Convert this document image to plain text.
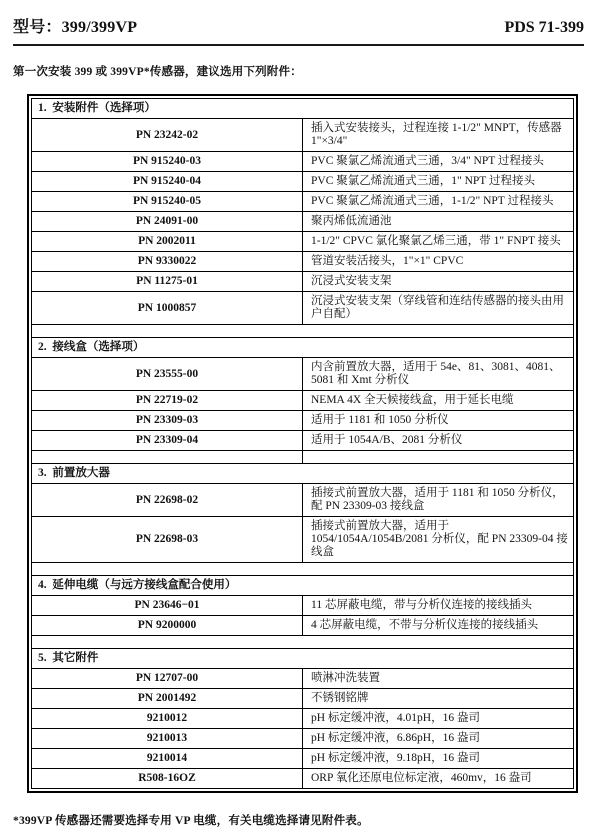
型号：399/399VP	PDS 71-399

第一次安装 399 或 399VP*传感器，建议选用下列附件：

1.  安装附件（选择项）	
PN 23242-02	插入式安装接头，过程连接 1-1/2" MNPT，传感器 1"×3/4"
PN 915240-03	PVC 聚氯乙烯流通式三通，3/4" NPT 过程接头
PN 915240-04	PVC 聚氯乙烯流通式三通，1" NPT 过程接头
PN 915240-05	PVC 聚氯乙烯流通式三通，1-1/2" NPT 过程接头
PN 24091-00	聚丙烯低流通池
PN 2002011	1-1/2" CPVC 氯化聚氯乙烯三通，带 1" FNPT 接头
PN 9330022	管道安装活接头，1"×1" CPVC
PN 11275-01	沉浸式安装支架
PN 1000857	沉浸式安装支架（穿线管和连结传感器的接头由用户自配）

2.  接线盒（选择项）	
PN 23555-00	内含前置放大器，适用于 54e、81、3081、4081、5081 和 Xmt 分析仪
PN 22719-02	NEMA 4X 全天候接线盒，用于延长电缆
PN 23309-03	适用于 1181 和 1050 分析仪
PN 23309-04	适用于 1054A/B、2081 分析仪

3.  前置放大器	
PN 22698-02	插接式前置放大器，适用于 1181 和 1050 分析仪，配 PN 23309-03 接线盒
PN 22698-03	插接式前置放大器，适用于 1054/1054A/1054B/2081 分析仪，配 PN 23309-04 接线盒

4.  延伸电缆（与远方接线盒配合使用）	
PN 23646−01	11 芯屏蔽电缆，带与分析仪连接的接线插头
PN 9200000	4 芯屏蔽电缆，不带与分析仪连接的接线插头

5.  其它附件	
PN 12707-00	喷淋冲洗装置
PN 2001492	不锈钢铭牌
9210012	pH 标定缓冲液，4.01pH，16 盎司
9210013	pH 标定缓冲液，6.86pH，16 盎司
9210014	pH 标定缓冲液，9.18pH，16 盎司
R508-16OZ	ORP 氧化还原电位标定液，460mv，16 盎司

*399VP 传感器还需要选择专用 VP 电缆，有关电缆选择请见附件表。
